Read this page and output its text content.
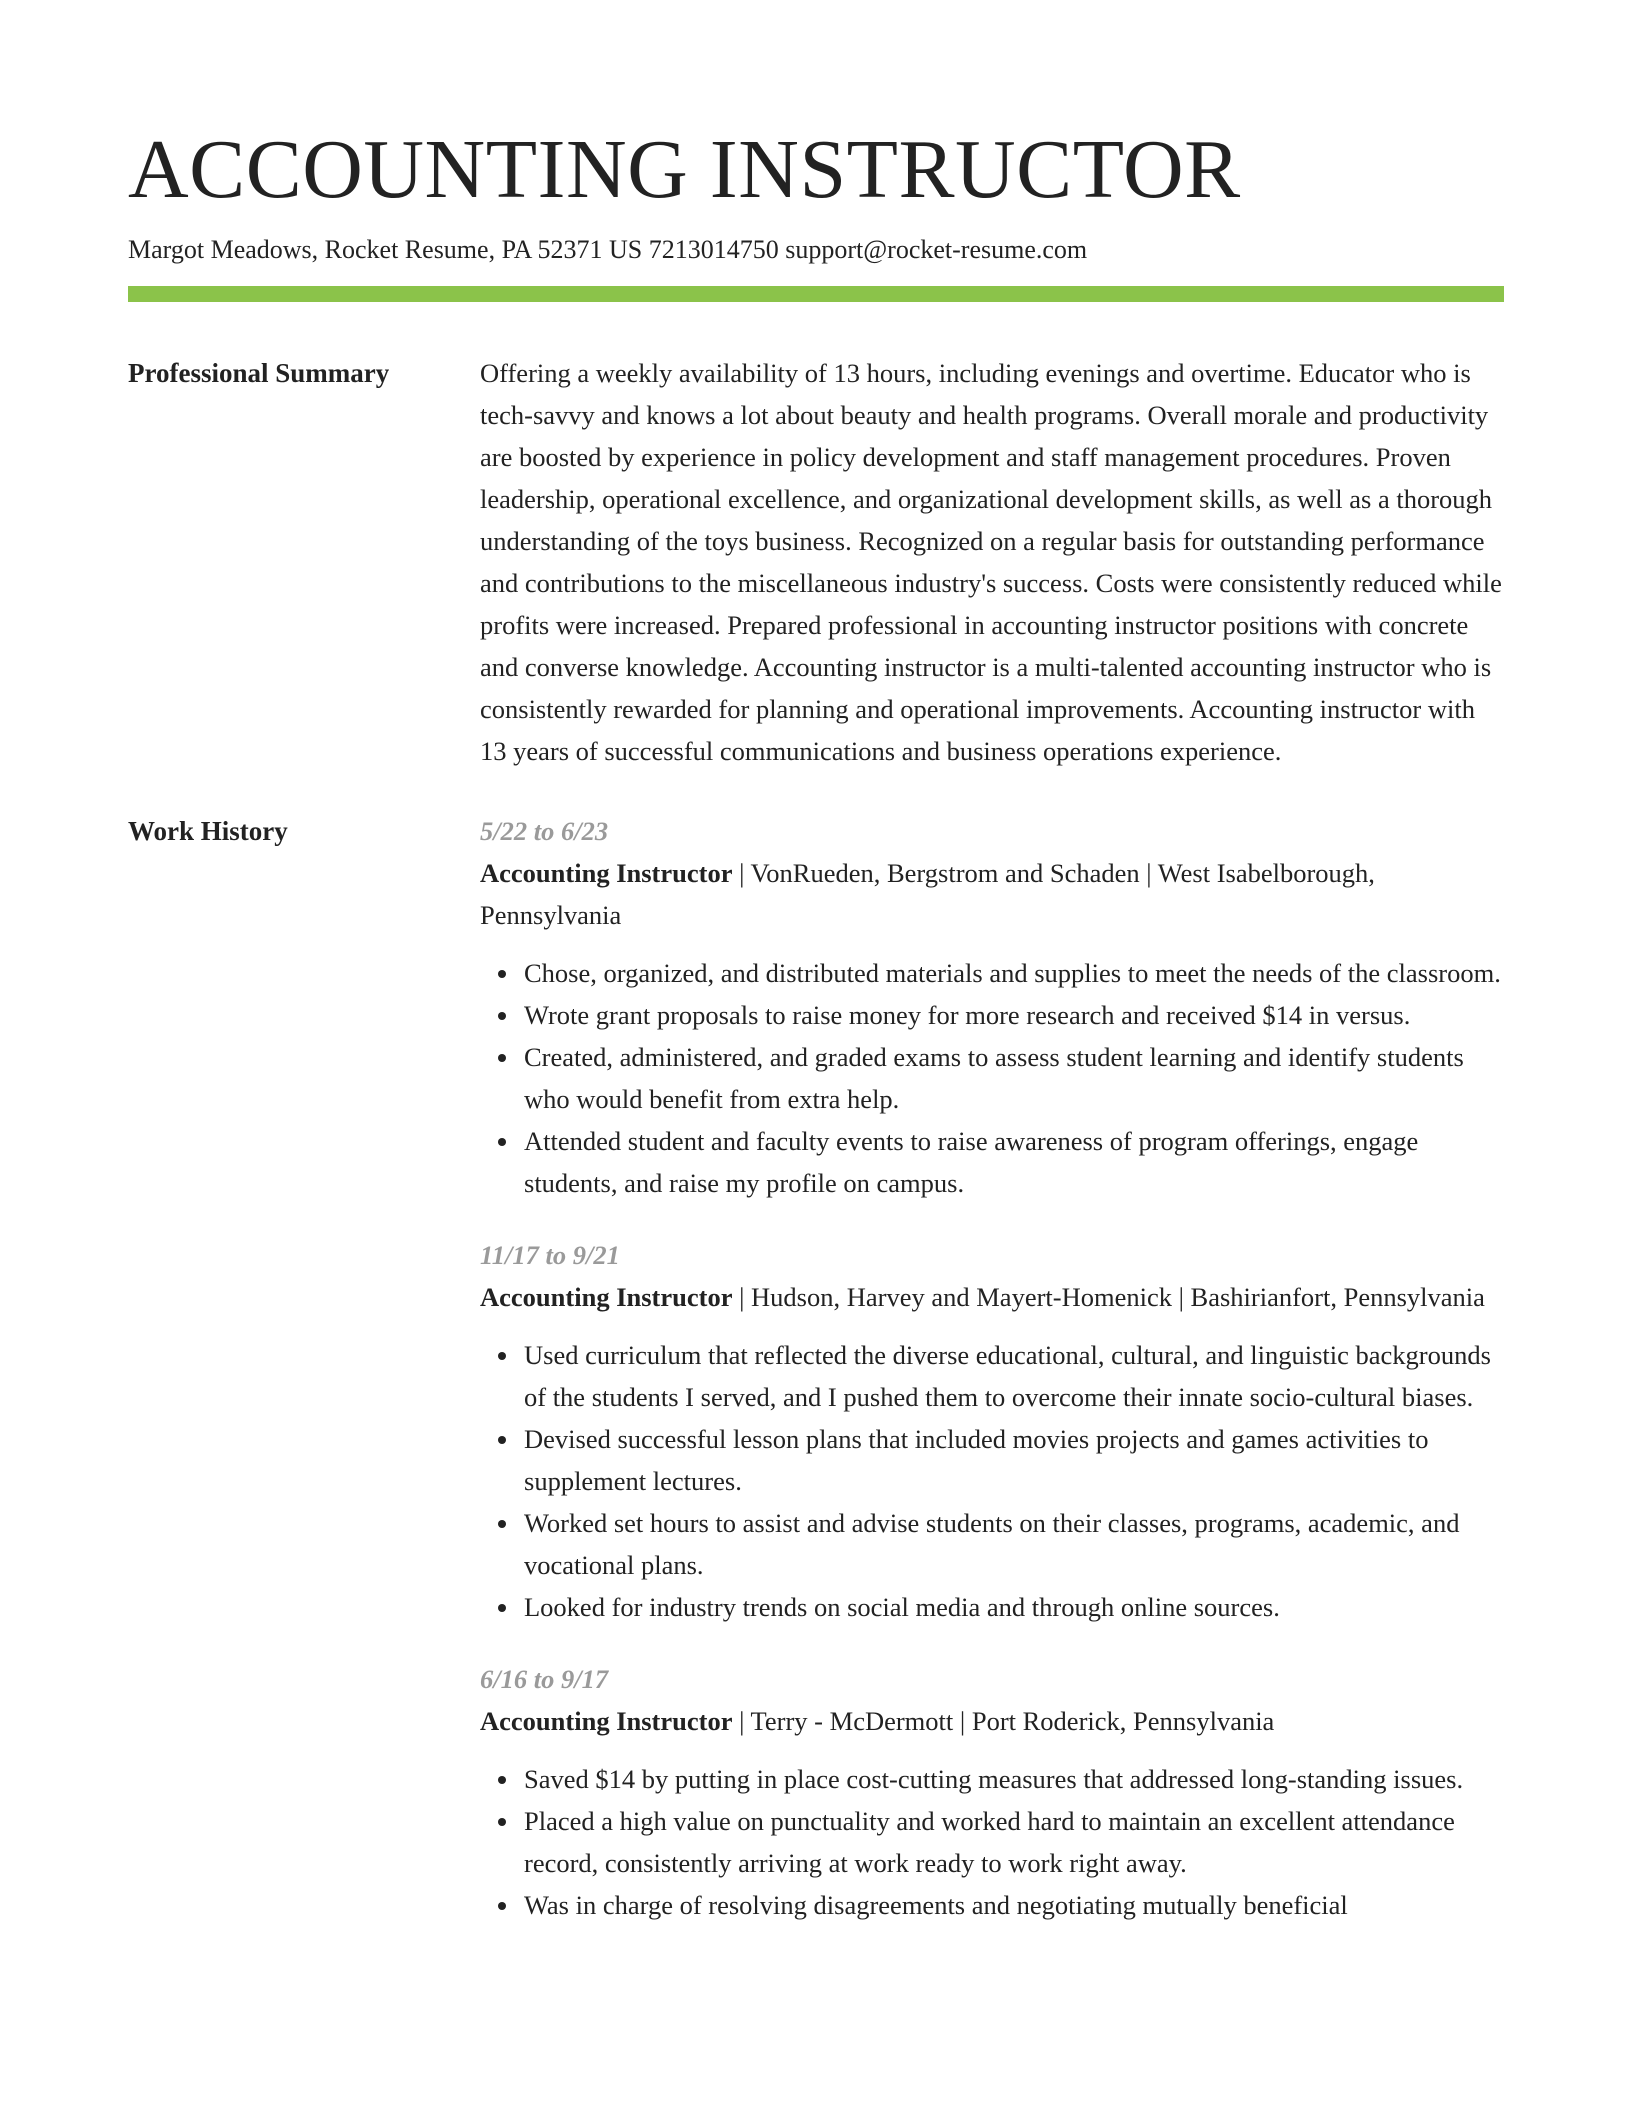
ACCOUNTING INSTRUCTOR
Margot Meadows, Rocket Resume, PA 52371 US 7213014750 support@rocket-resume.com
Professional Summary	Offering a weekly availability of 13 hours, including evenings and overtime. Educator who is tech-savvy and knows a lot about beauty and health programs. Overall morale and productivity are boosted by experience in policy development and staff management procedures. Proven leadership, operational excellence, and organizational development skills, as well as a thorough understanding of the toys business. Recognized on a regular basis for outstanding performance and contributions to the miscellaneous industry's success. Costs were consistently reduced while profits were increased. Prepared professional in accounting instructor positions with concrete and converse knowledge. Accounting instructor is a multi-talented accounting instructor who is consistently rewarded for planning and operational improvements. Accounting instructor with 13 years of successful communications and business operations experience.

Work History	5/22 to 6/23
Accounting Instructor | VonRueden, Bergstrom and Schaden | West Isabelborough, Pennsylvania
Chose, organized, and distributed materials and supplies to meet the needs of the classroom.
Wrote grant proposals to raise money for more research and received $14 in versus.
Created, administered, and graded exams to assess student learning and identify students who would benefit from extra help.
Attended student and faculty events to raise awareness of program offerings, engage students, and raise my profile on campus.
11/17 to 9/21
Accounting Instructor | Hudson, Harvey and Mayert-Homenick | Bashirianfort, Pennsylvania
Used curriculum that reflected the diverse educational, cultural, and linguistic backgrounds of the students I served, and I pushed them to overcome their innate socio-cultural biases.
Devised successful lesson plans that included movies projects and games activities to supplement lectures.
Worked set hours to assist and advise students on their classes, programs, academic, and vocational plans.
Looked for industry trends on social media and through online sources.
6/16 to 9/17
Accounting Instructor | Terry - McDermott | Port Roderick, Pennsylvania
Saved $14 by putting in place cost-cutting measures that addressed long-standing issues.
Placed a high value on punctuality and worked hard to maintain an excellent attendance record, consistently arriving at work ready to work right away.
Was in charge of resolving disagreements and negotiating mutually beneficial
